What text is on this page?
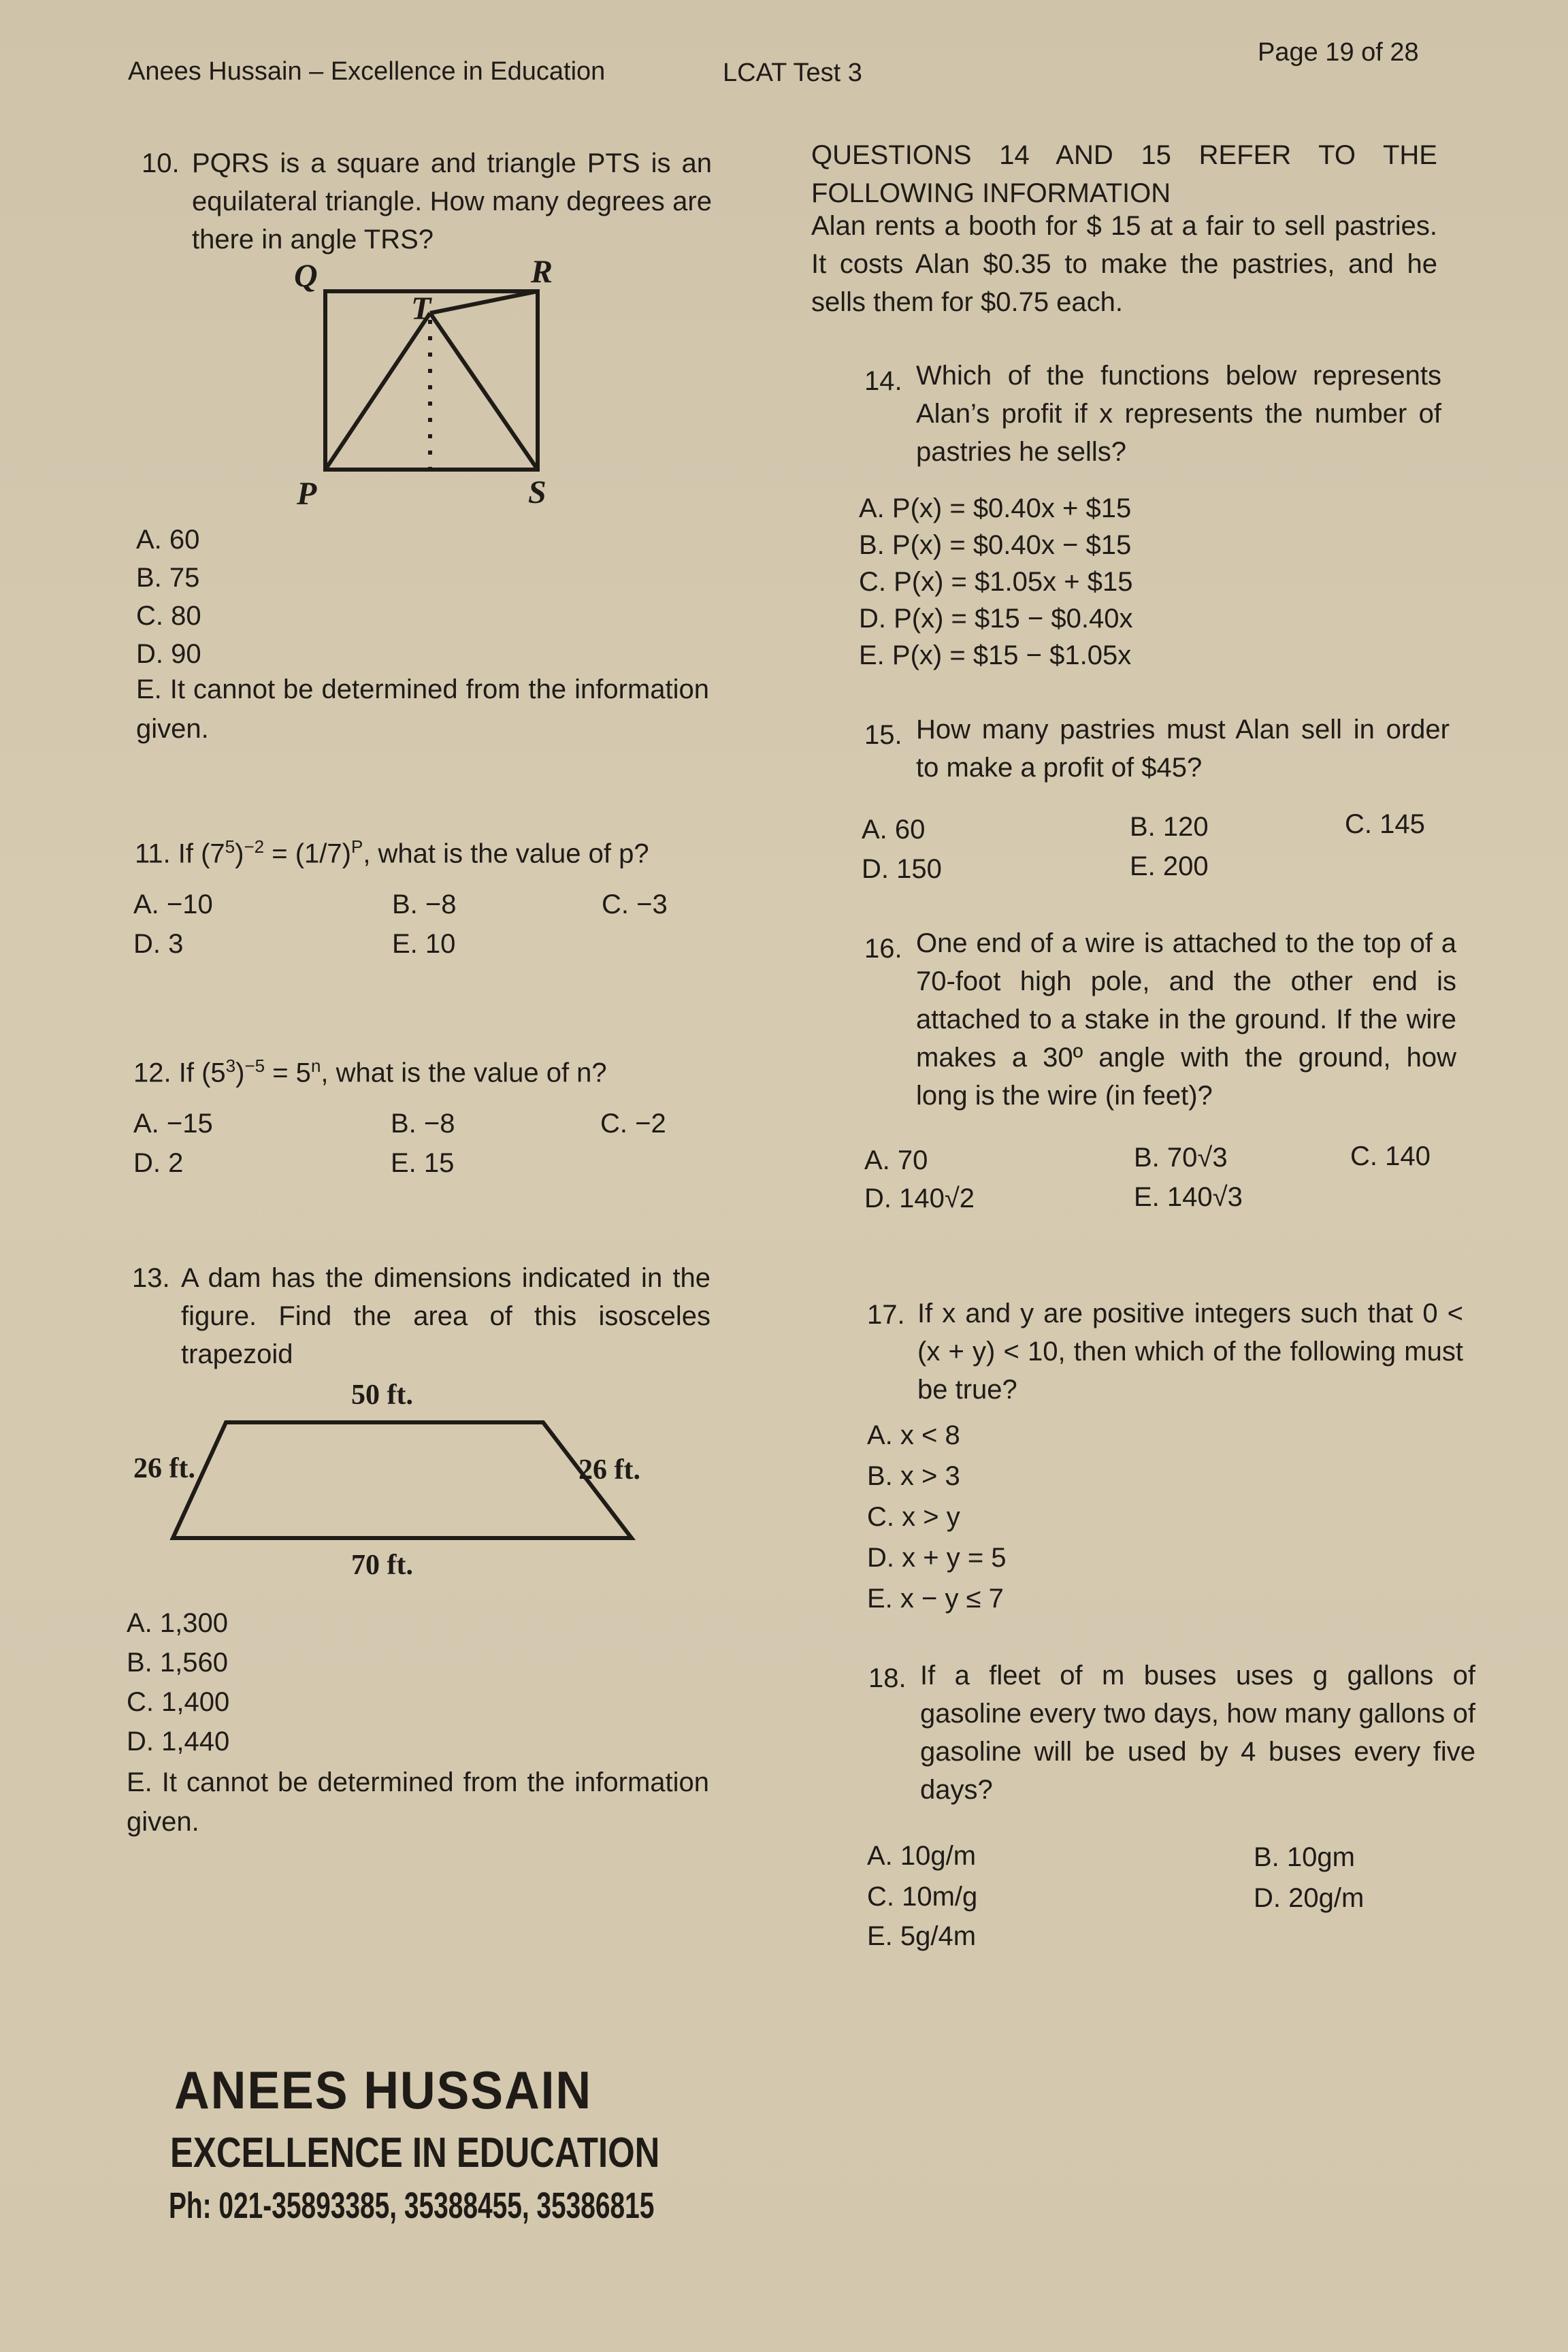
Anees Hussain – Excellence in Education	LCAT Test 3
Page 19 of 28
10. PQRS is a square and triangle PTS is an equilateral triangle. How many degrees are there in angle TRS?
Q	R
T
P	S
A. 60
B. 75
C. 80
D. 90
E. It cannot be determined from the information given.
11. If $(7^5)^{-2} = (1/7)^P$, what is the value of p?
A. −10	B. −8	C. −3
D. 3	E. 10
12. If $(5^3)^{-5} = 5^n$, what is the value of n?
A. −15	B. −8	C. −2
D. 2	E. 15
13. A dam has the dimensions indicated in the figure. Find the area of this isosceles trapezoid
50 ft.
26 ft.	26 ft.
70 ft.
A. 1,300
B. 1,560
C. 1,400
D. 1,440
E. It cannot be determined from the information given.
ANEES HUSSAIN
EXCELLENCE IN EDUCATION
Ph: 021-35893385, 35388455, 35386815
QUESTIONS 14 AND 15 REFER TO THE FOLLOWING INFORMATION
Alan rents a booth for $ 15 at a fair to sell pastries. It costs Alan $0.35 to make the pastries, and he sells them for $0.75 each.
14. Which of the functions below represents Alan’s profit if x represents the number of pastries he sells?
A. P(x) = $0.40x + $15
B. P(x) = $0.40x − $15
C. P(x) = $1.05x + $15
D. P(x) = $15 − $0.40x
E. P(x) = $15 − $1.05x
15. How many pastries must Alan sell in order to make a profit of $45?
A. 60	B. 120	C. 145
D. 150	E. 200
16. One end of a wire is attached to the top of a 70-foot high pole, and the other end is attached to a stake in the ground. If the wire makes a 30º angle with the ground, how long is the wire (in feet)?
A. 70	B. 70√3	C. 140
D. 140√2	E. 140√3
17. If x and y are positive integers such that 0 < (x + y) < 10, then which of the following must be true?
A. x < 8
B. x > 3
C. x > y
D. x + y = 5
E. x − y ≤ 7
18. If a fleet of m buses uses g gallons of gasoline every two days, how many gallons of gasoline will be used by 4 buses every five days?
A. 10g/m	B. 10gm
C. 10m/g	D. 20g/m
E. 5g/4m
